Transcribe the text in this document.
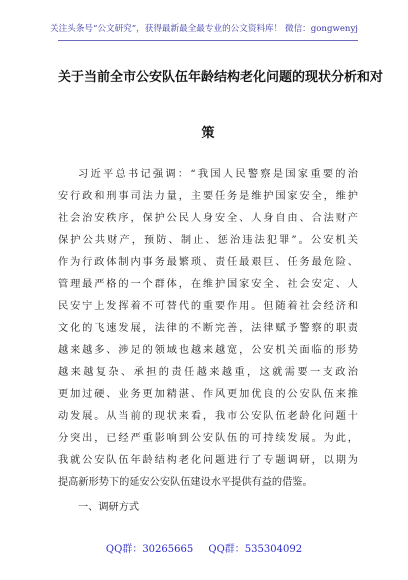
关注头条号“公文研究”，获得最新最全最专业的公文资料库！ 微信：gongwenyj
关于当前全市公安队伍年龄结构老化问题的现状分析和对
策
习近平总书记强调：“我国人民警察是国家重要的治
安行政和刑事司法力量，主要任务是维护国家安全，维护
社会治安秩序，保护公民人身安全、人身自由、合法财产
保护公共财产，预防、制止、惩治违法犯罪”。公安机关
作为行政体制内事务最繁琐、责任最艰巨、任务最危险、
管理最严格的一个群体，在维护国家安全、社会安定、人
民安宁上发挥着不可替代的重要作用。但随着社会经济和
文化的飞速发展，法律的不断完善，法律赋予警察的职责
越来越多、涉足的领域也越来越宽，公安机关面临的形势
越来越复杂、承担的责任越来越重，这就需要一支政治
更加过硬、业务更加精湛、作风更加优良的公安队伍来推
动发展。从当前的现状来看，我市公安队伍老龄化问题十
分突出，已经严重影响到公安队伍的可持续发展。为此，
我就公安队伍年龄结构老化问题进行了专题调研，以期为
提高新形势下的延安公安队伍建设水平提供有益的借鉴。
一、调研方式
QQ群：30265665 QQ群：535304092
